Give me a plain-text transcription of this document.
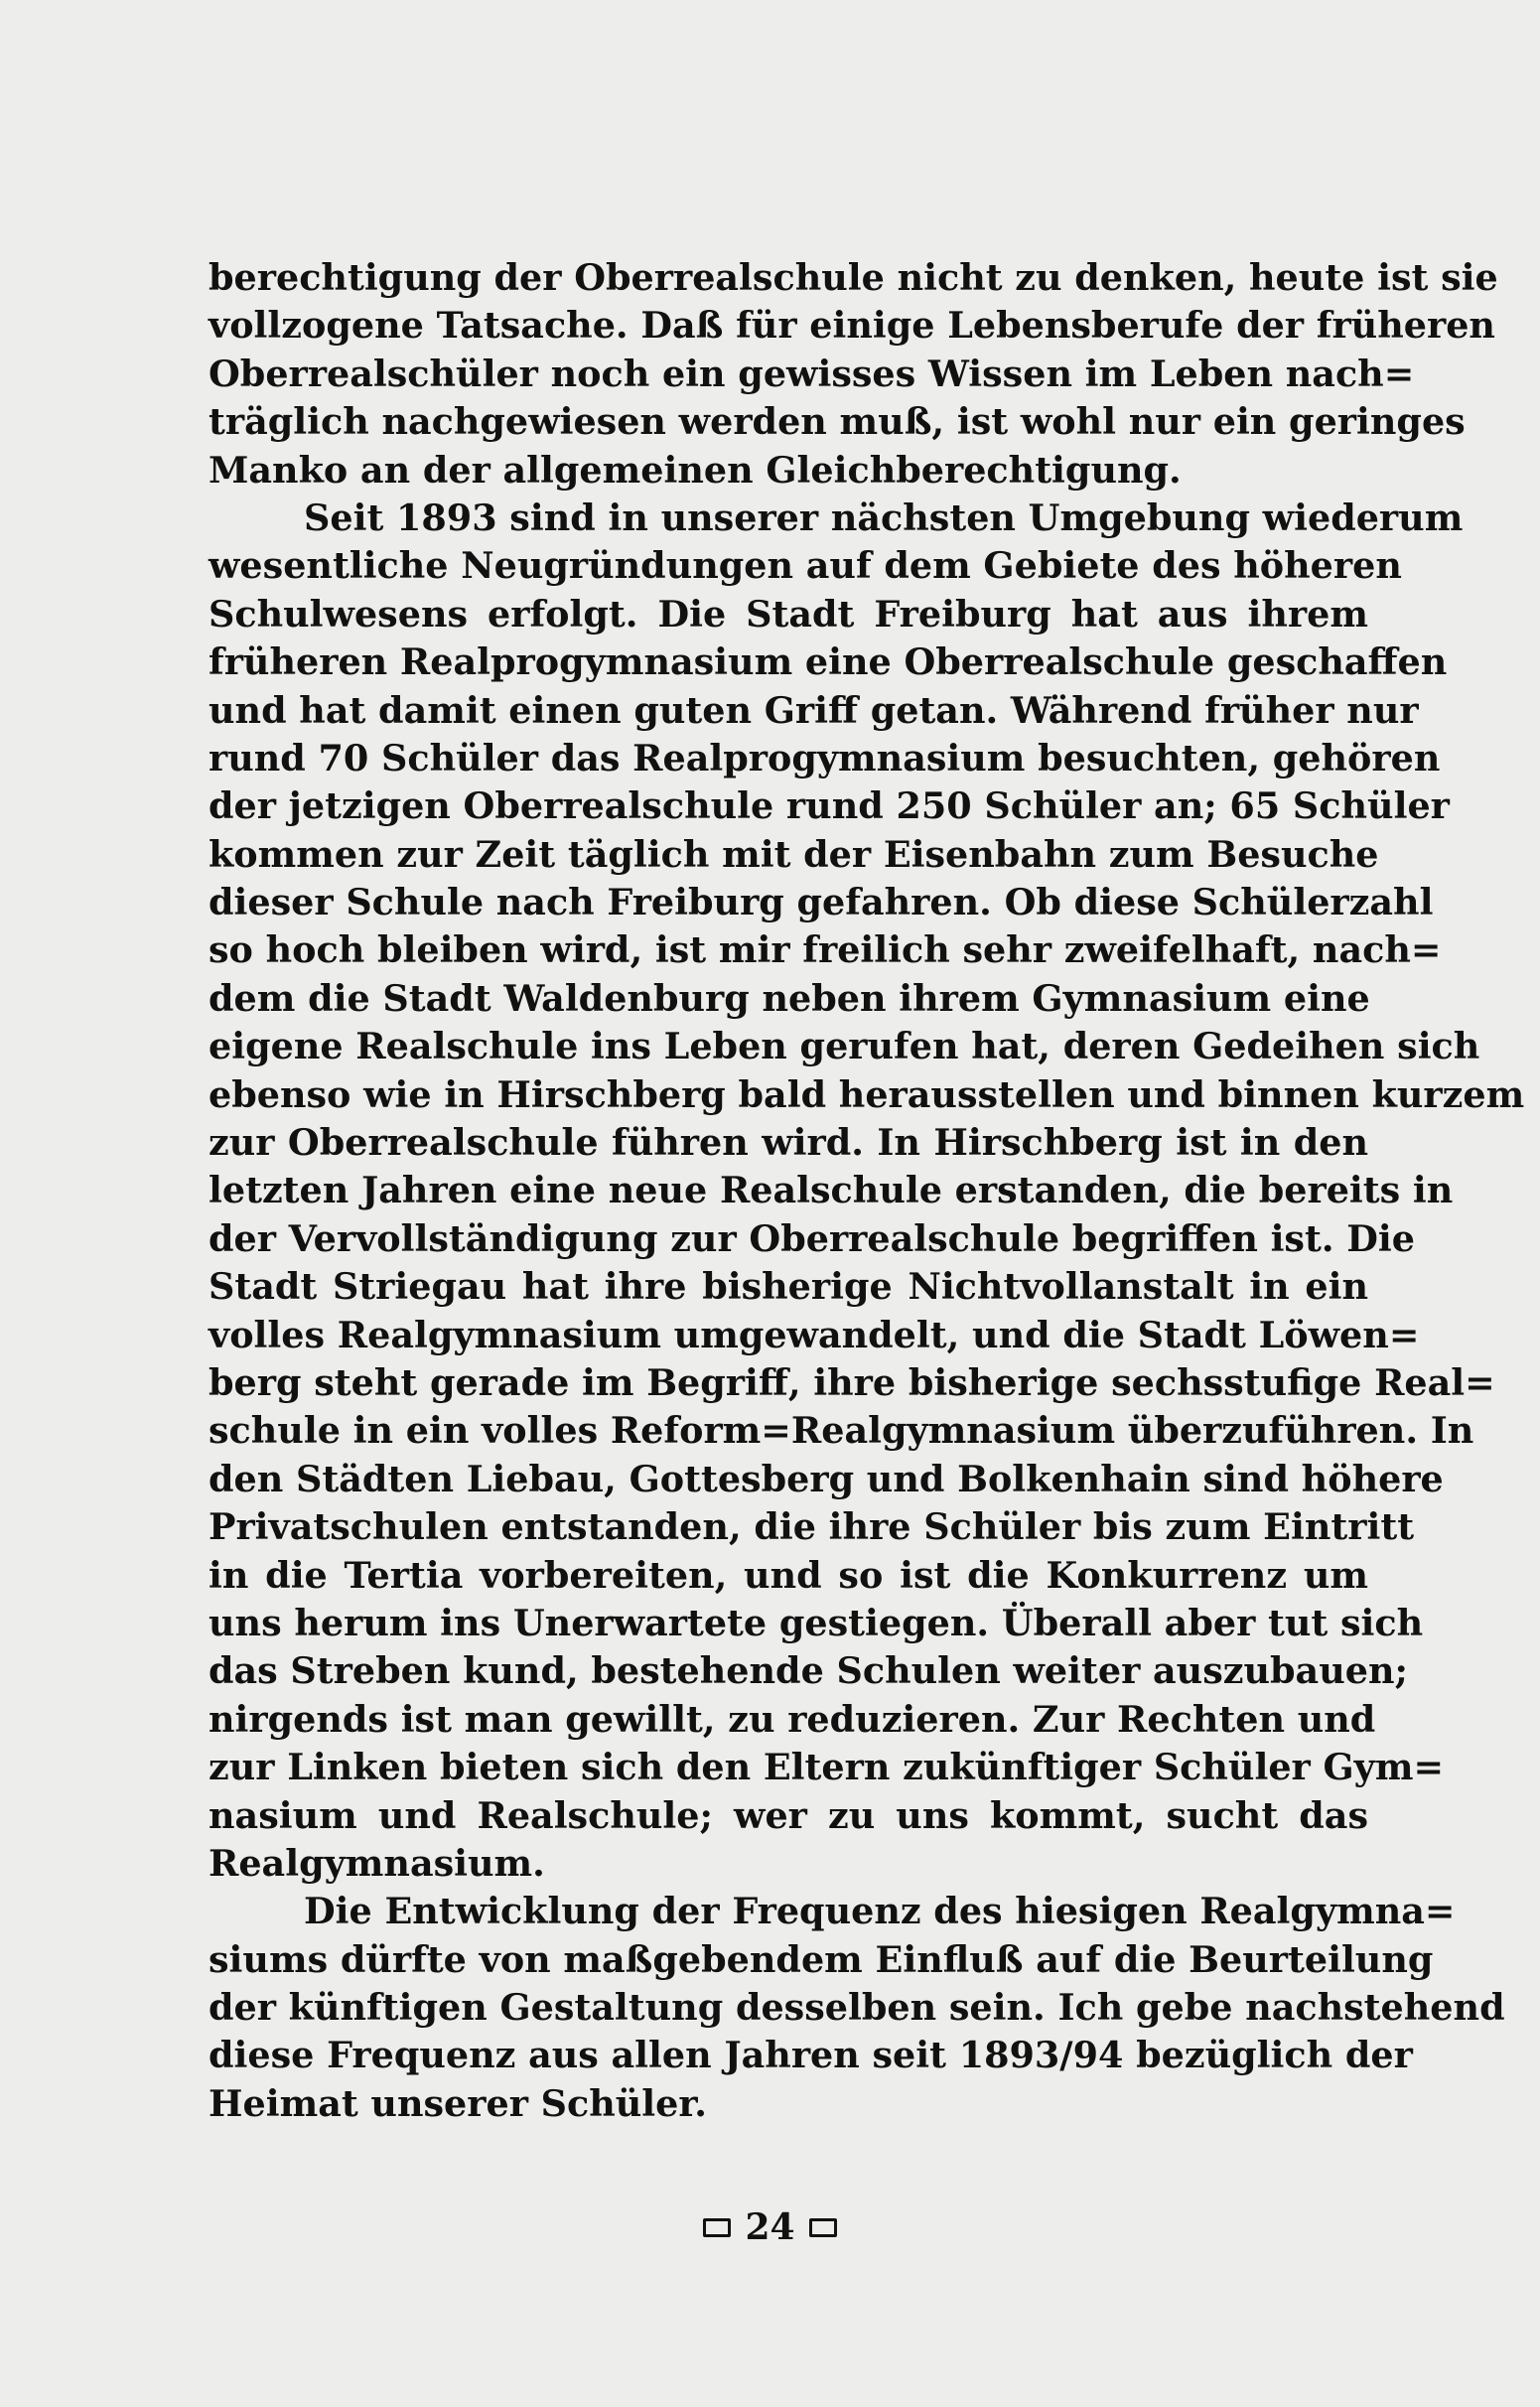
berechtigung der Oberrealschule nicht zu denken, heute ist sie
vollzogene Tatsache. Daß für einige Lebensberufe der früheren
Oberrealschüler noch ein gewisses Wissen im Leben nach=
träglich nachgewiesen werden muß, ist wohl nur ein geringes
Manko an der allgemeinen Gleichberechtigung.
Seit 1893 sind in unserer nächsten Umgebung wiederum
wesentliche Neugründungen auf dem Gebiete des höheren
Schulwesens erfolgt. Die Stadt Freiburg hat aus ihrem
früheren Realprogymnasium eine Oberrealschule geschaffen
und hat damit einen guten Griff getan. Während früher nur
rund 70 Schüler das Realprogymnasium besuchten, gehören
der jetzigen Oberrealschule rund 250 Schüler an; 65 Schüler
kommen zur Zeit täglich mit der Eisenbahn zum Besuche
dieser Schule nach Freiburg gefahren. Ob diese Schülerzahl
so hoch bleiben wird, ist mir freilich sehr zweifelhaft, nach=
dem die Stadt Waldenburg neben ihrem Gymnasium eine
eigene Realschule ins Leben gerufen hat, deren Gedeihen sich
ebenso wie in Hirschberg bald herausstellen und binnen kurzem
zur Oberrealschule führen wird. In Hirschberg ist in den
letzten Jahren eine neue Realschule erstanden, die bereits in
der Vervollständigung zur Oberrealschule begriffen ist. Die
Stadt Striegau hat ihre bisherige Nichtvollanstalt in ein
volles Realgymnasium umgewandelt, und die Stadt Löwen=
berg steht gerade im Begriff, ihre bisherige sechsstufige Real=
schule in ein volles Reform=Realgymnasium überzuführen. In
den Städten Liebau, Gottesberg und Bolkenhain sind höhere
Privatschulen entstanden, die ihre Schüler bis zum Eintritt
in die Tertia vorbereiten, und so ist die Konkurrenz um
uns herum ins Unerwartete gestiegen. Überall aber tut sich
das Streben kund, bestehende Schulen weiter auszubauen;
nirgends ist man gewillt, zu reduzieren. Zur Rechten und
zur Linken bieten sich den Eltern zukünftiger Schüler Gym=
nasium und Realschule; wer zu uns kommt, sucht das
Realgymnasium.
Die Entwicklung der Frequenz des hiesigen Realgymna=
siums dürfte von maßgebendem Einfluß auf die Beurteilung
der künftigen Gestaltung desselben sein. Ich gebe nachstehend
diese Frequenz aus allen Jahren seit 1893/94 bezüglich der
Heimat unserer Schüler.
24
